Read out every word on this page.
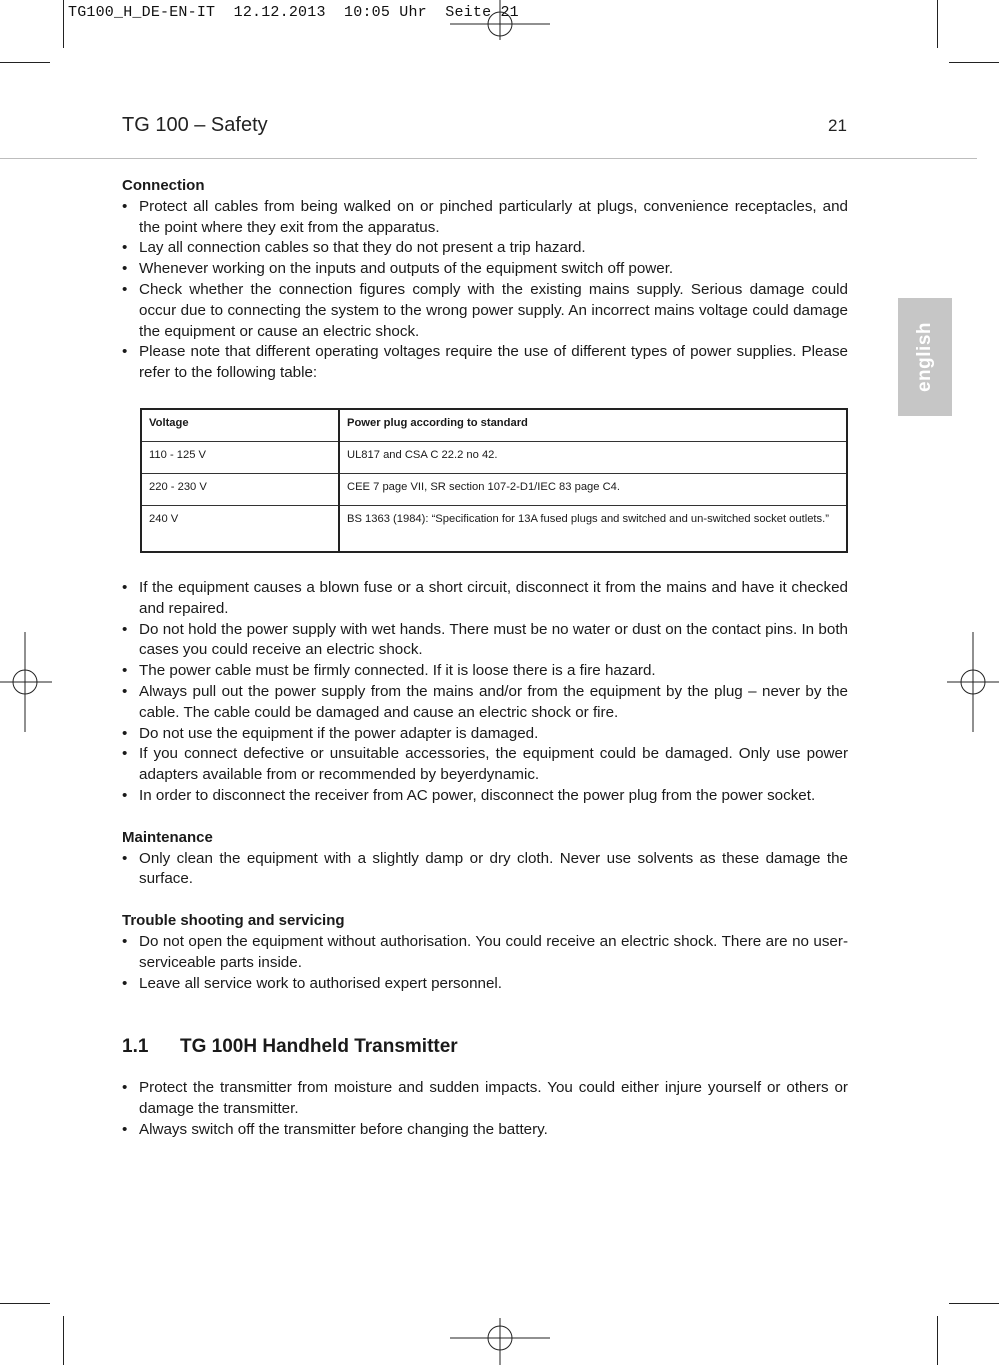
TG100_H_DE-EN-IT  12.12.2013  10:05 Uhr  Seite 21
TG 100 – Safety	21
english

Connection

• Protect all cables from being walked on or pinched particularly at plugs, convenience receptacles, and the point where they exit from the apparatus.
• Lay all connection cables so that they do not present a trip hazard.
• Whenever working on the inputs and outputs of the equipment switch off power.
• Check whether the connection figures comply with the existing mains supply. Serious damage could occur due to connecting the system to the wrong power supply. An incorrect mains voltage could damage the equipment or cause an electric shock.
• Please note that different operating voltages require the use of different types of power supplies. Please refer to the following table:
Voltage	Power plug according to standard
110 - 125 V	UL817 and CSA C 22.2 no 42.
220 - 230 V	CEE 7 page VII, SR section 107-2-D1/IEC 83 page C4.
240 V	BS 1363 (1984): “Specification for 13A fused plugs and switched and un-switched socket outlets.”
• If the equipment causes a blown fuse or a short circuit, disconnect it from the mains and have it checked and repaired.
• Do not hold the power supply with wet hands. There must be no water or dust on the contact pins. In both cases you could receive an electric shock.
• The power cable must be firmly connected. If it is loose there is a fire hazard.
• Always pull out the power supply from the mains and/or from the equipment by the plug – never by the cable. The cable could be damaged and cause an electric shock or fire.
• Do not use the equipment if the power adapter is damaged.
• If you connect defective or unsuitable accessories, the equipment could be damaged. Only use power adapters available from or recommended by beyerdynamic.
• In order to disconnect the receiver from AC power, disconnect the power plug from the power socket.

Maintenance

• Only clean the equipment with a slightly damp or dry cloth. Never use solvents as these damage the surface.

Trouble shooting and servicing

• Do not open the equipment without authorisation. You could receive an electric shock. There are no user-serviceable parts inside.
• Leave all service work to authorised expert personnel.
1.1	TG 100H Handheld Transmitter
• Protect the transmitter from moisture and sudden impacts. You could either injure yourself or others or damage the transmitter.
• Always switch off the transmitter before changing the battery.
